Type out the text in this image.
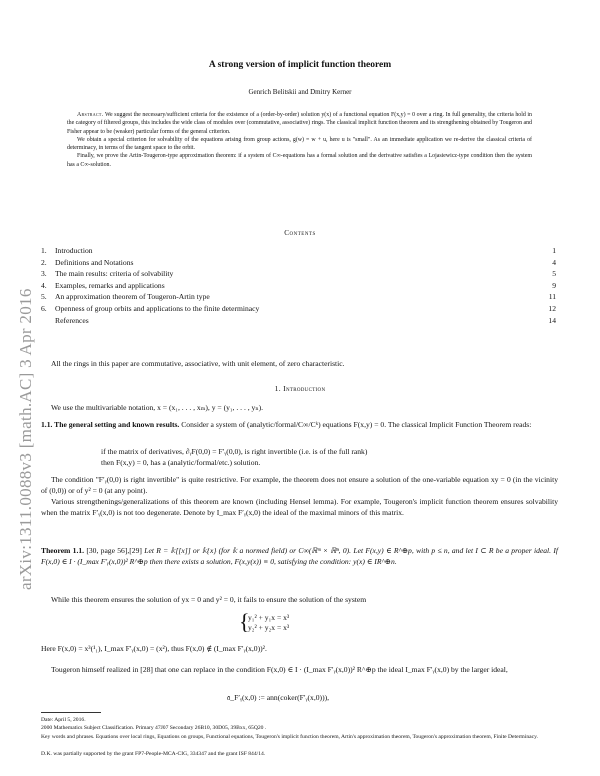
arXiv:1311.0088v3 [math.AC] 3 Apr 2016
A strong version of implicit function theorem
Genrich Belitskii and Dmitry Kerner

Abstract. We suggest the necessary/sufficient criteria for the existence of a (order-by-order) solution y(x) of a functional equation F(x,y) = 0 over a ring. In full generality, the criteria hold in the category of filtered groups, this includes the wide class of modules over (commutative, associative) rings. The classical implicit function theorem and its strengthening obtained by Tougeron and Fisher appear to be (weaker) particular forms of the general criterion.

We obtain a special criterion for solvability of the equations arising from group actions, g(w) = w + u, here u is "small". As an immediate application we re-derive the classical criteria of determinacy, in terms of the tangent space to the orbit.

Finally, we prove the Artin-Tougeron-type approximation theorem: if a system of C∞-equations has a formal solution and the derivative satisfies a Lojasiewicz-type condition then the system has a C∞-solution.

Contents
1.	Introduction	1
2.	Definitions and Notations	4
3.	The main results: criteria of solvability	5
4.	Examples, remarks and applications	9
5.	An approximation theorem of Tougeron-Artin type	11
6.	Openness of group orbits and applications to the finite determinacy	12
References	14
All the rings in this paper are commutative, associative, with unit element, of zero characteristic.
1. Introduction
We use the multivariable notation, x = (x₁, . . . , xₘ), y = (y₁, . . . , yₙ).
1.1. The general setting and known results. Consider a system of (analytic/formal/C∞/Cᵏ) equations F(x,y) = 0. The classical Implicit Function Theorem reads:
if the matrix of derivatives, ∂ᵧF(0,0) = F′ᵧ(0,0), is right invertible (i.e. is of the full rank)
then F(x,y) = 0, has a (analytic/formal/etc.) solution.
The condition "F′ᵧ(0,0) is right invertible" is quite restrictive. For example, the theorem does not ensure a solution of the one-variable equation xy = 0 (in the vicinity of (0,0)) or of y² = 0 (at any point).
Various strengthenings/generalizations of this theorem are known (including Hensel lemma). For example, Tougeron's implicit function theorem ensures solvability when the matrix F′ᵧ(x,0) is not too degenerate. Denote by I_max F′ᵧ(x,0) the ideal of the maximal minors of this matrix.
Theorem 1.1. [30, page 56],[29] Let R = 𝕜[[x]] or 𝕜{x} (for 𝕜 a normed field) or C∞(ℝᵐ × ℝⁿ, 0). Let F(x,y) ∈ R^⊕p, with p ≤ n, and let I ⊂ R be a proper ideal. If F(x,0) ∈ I · (I_max F′ᵧ(x,0))² R^⊕p then there exists a solution, F(x,y(x)) ≡ 0, satisfying the condition: y(x) ∈ IR^⊕n.
While this theorem ensures the solution of yx = 0 and y² = 0, it fails to ensure the solution of the system
{
y₁² + y₁x = x³
y₂² + y₂x = x³
Here F(x,0) = x³(¹₁), I_max F′ᵧ(x,0) = (x²), thus F(x,0) ∉ (I_max F′ᵧ(x,0))².
Tougeron himself realized in [28] that one can replace in the condition F(x,0) ∈ I · (I_max F′ᵧ(x,0))² R^⊕p the ideal I_max F′ᵧ(x,0) by the larger ideal,
𝔞_F′ᵧ(x,0) := ann(coker(F′ᵧ(x,0))),
Date: April 5, 2016.
2000 Mathematics Subject Classification. Primary 47J07 Secondary 26B10, 30D05, 39Bxx, 65Q20 .
Key words and phrases. Equations over local rings, Equations on groups, Functional equations, Tougeron's implicit function theorem, Artin's approximation theorem, Tougeron's approximation theorem, Finite Determinacy.
D.K. was partially supported by the grant FP7-People-MCA-CIG, 334347 and the grant ISF 844/14.
